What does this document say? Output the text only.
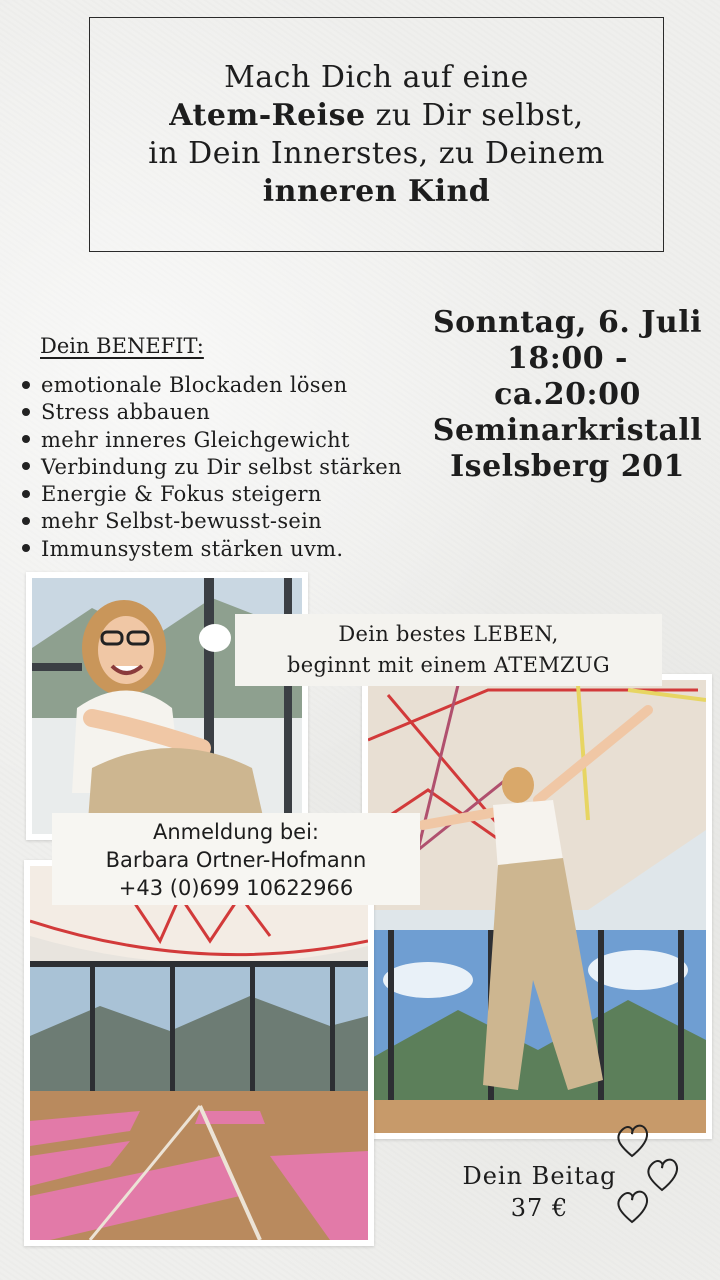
Mach Dich auf eine
Atem-Reise zu Dir selbst,
in Dein Innerstes, zu Deinem
inneren Kind
Sonntag, 6. Juli
18:00 - ca.20:00
Seminarkristall
Iselsberg 201
Dein BENEFIT:
emotionale Blockaden lösen
Stress abbauen
mehr inneres Gleichgewicht
Verbindung zu Dir selbst stärken
Energie & Fokus steigern
mehr Selbst-bewusst-sein
Immunsystem stärken uvm.
Dein bestes LEBEN,
beginnt mit einem ATEMZUG
Anmeldung bei:
Barbara Ortner-Hofmann
+43 (0)699 10622966
Dein Beitag
37 €
